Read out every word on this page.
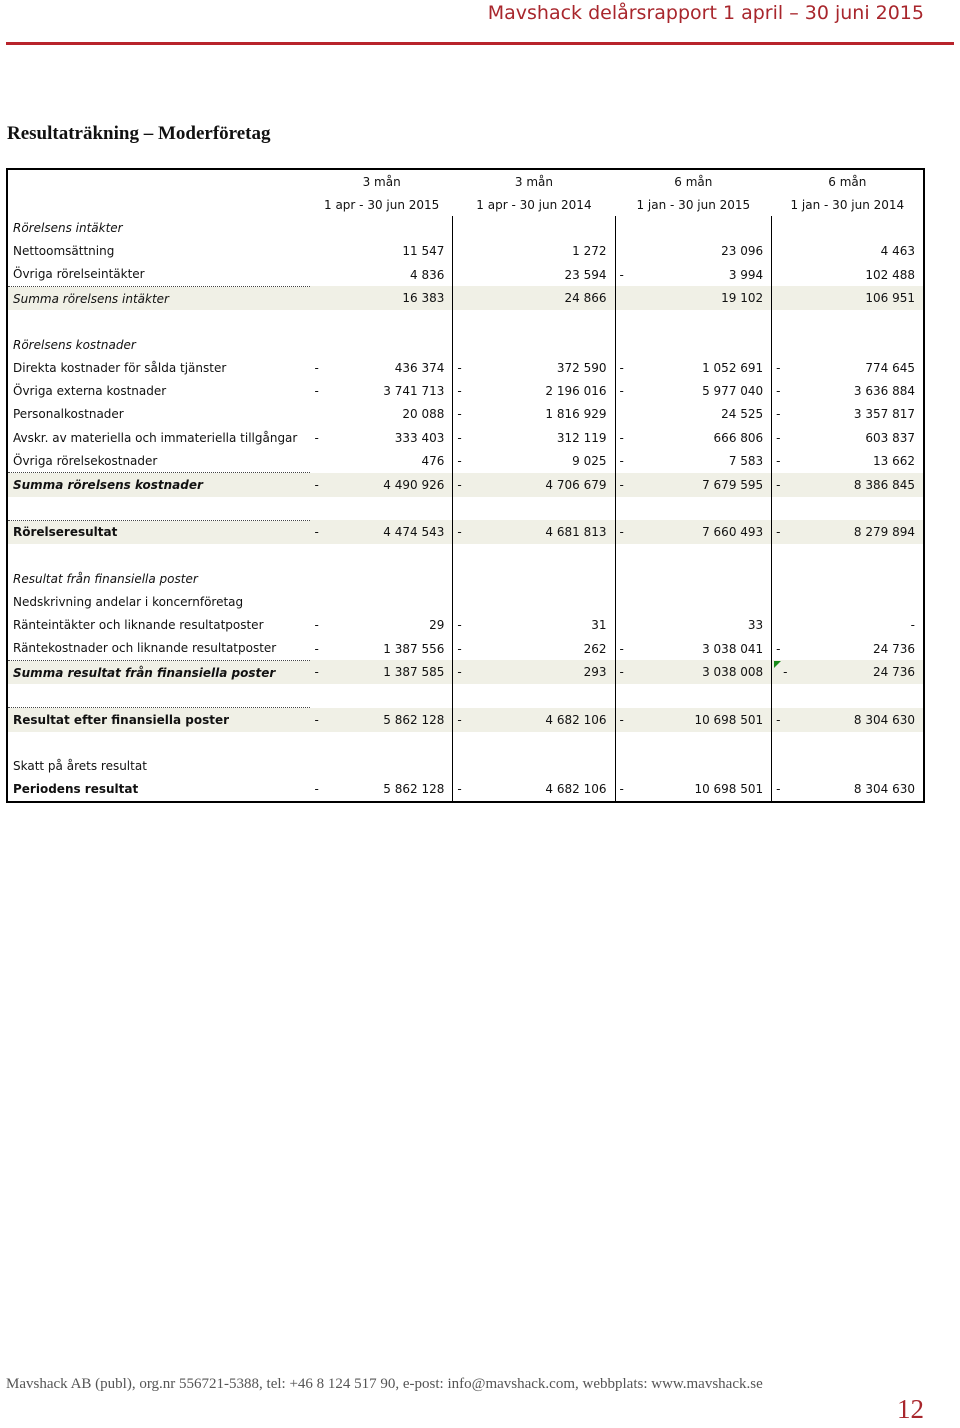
Mavshack delårsrapport 1 april – 30 juni 2015
Resultaträkning – Moderföretag
	3 mån		3 mån		6 mån		6 mån	
	1 apr - 30 jun 2015		1 apr - 30 jun 2014		1 jan - 30 jun 2015		1 jan - 30 jun 2014	
Rörelsens intäkter								
Nettoomsättning		11 547		1 272		23 096		4 463
Övriga rörelseintäkter		4 836		23 594	-	3 994		102 488
Summa rörelsens intäkter		16 383		24 866		19 102		106 951

Rörelsens kostnader								
Direkta kostnader för sålda tjänster	-	436 374	-	372 590	-	1 052 691	-	774 645
Övriga externa kostnader	-	3 741 713	-	2 196 016	-	5 977 040	-	3 636 884
Personalkostnader		20 088	-	1 816 929		24 525	-	3 357 817
Avskr. av materiella och immateriella tillgångar	-	333 403	-	312 119	-	666 806	-	603 837
Övriga rörelsekostnader		476	-	9 025	-	7 583	-	13 662
Summa rörelsens kostnader	-	4 490 926	-	4 706 679	-	7 679 595	-	8 386 845

Rörelseresultat	-	4 474 543	-	4 681 813	-	7 660 493	-	8 279 894

Resultat från finansiella poster								
Nedskrivning andelar i koncernföretag								
Ränteintäkter och liknande resultatposter	-	29	-	31		33		-
Räntekostnader och liknande resultatposter	-	1 387 556	-	262	-	3 038 041	-	24 736
Summa resultat från finansiella poster	-	1 387 585	-	293	-	3 038 008	-	24 736

Resultat efter finansiella poster	-	5 862 128	-	4 682 106	-	10 698 501	-	8 304 630

Skatt på årets resultat								
Periodens resultat	-	5 862 128	-	4 682 106	-	10 698 501	-	8 304 630
Mavshack AB (publ), org.nr 556721-5388, tel: +46 8 124 517 90, e-post: info@mavshack.com, webbplats: www.mavshack.se
12
